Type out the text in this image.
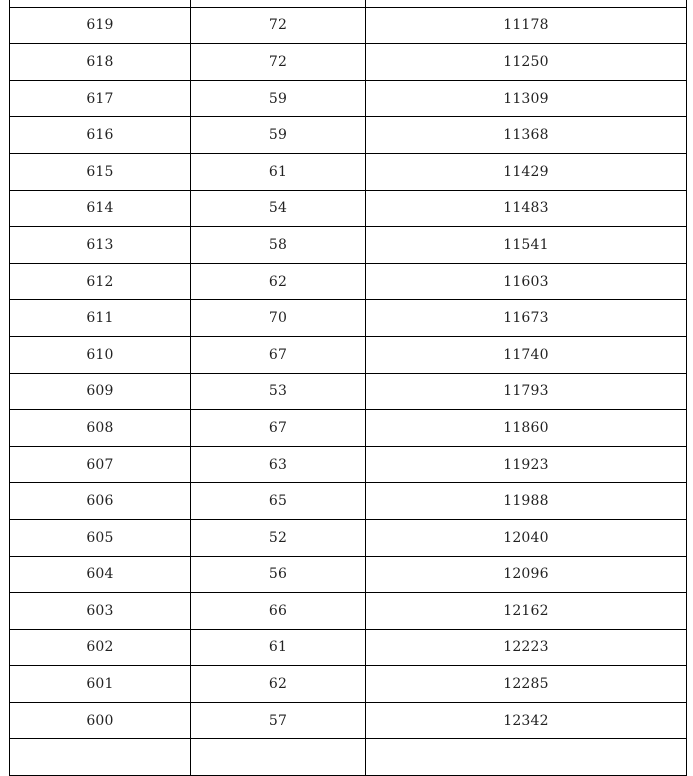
619	72	11178
618	72	11250
617	59	11309
616	59	11368
615	61	11429
614	54	11483
613	58	11541
612	62	11603
611	70	11673
610	67	11740
609	53	11793
608	67	11860
607	63	11923
606	65	11988
605	52	12040
604	56	12096
603	66	12162
602	61	12223
601	62	12285
600	57	12342
